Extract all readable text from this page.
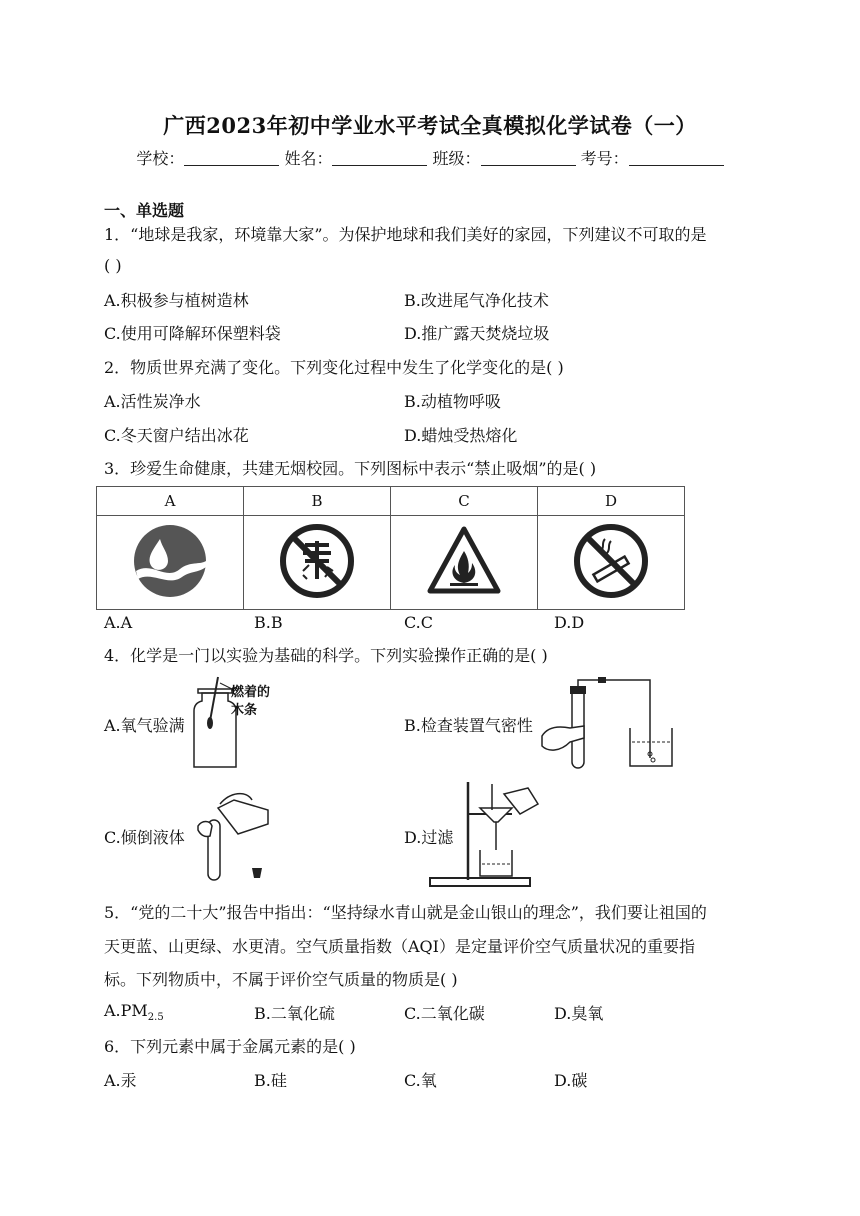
广西2023年初中学业水平考试全真模拟化学试卷（一）
学校：	姓名：	班级：	考号：
一、单选题
1．“地球是我家，环境靠大家”。为保护地球和我们美好的家园，下列建议不可取的是
( )
A.积极参与植树造林	B.改进尾气净化技术
C.使用可降解环保塑料袋	D.推广露天焚烧垃圾
2．物质世界充满了变化。下列变化过程中发生了化学变化的是( )
A.活性炭净水	B.动植物呼吸
C.冬天窗户结出冰花	D.蜡烛受热熔化
3．珍爱生命健康，共建无烟校园。下列图标中表示“禁止吸烟”的是( )
A	B	C	D

A.A	B.B	C.C	D.D
4．化学是一门以实验为基础的科学。下列实验操作正确的是( )
A.氧气验满
燃着的
木条
B.检查装置气密性
C.倾倒液体	D.过滤
5．“党的二十大”报告中指出：“坚持绿水青山就是金山银山的理念”，我们要让祖国的
天更蓝、山更绿、水更清。空气质量指数（AQI）是定量评价空气质量状况的重要指
标。下列物质中，不属于评价空气质量的物质是( )
$A.PM_{2.5}$	B.二氧化硫	C.二氧化碳	D.臭氧
6．下列元素中属于金属元素的是( )
A.汞	B.硅	C.氧	D.碳
